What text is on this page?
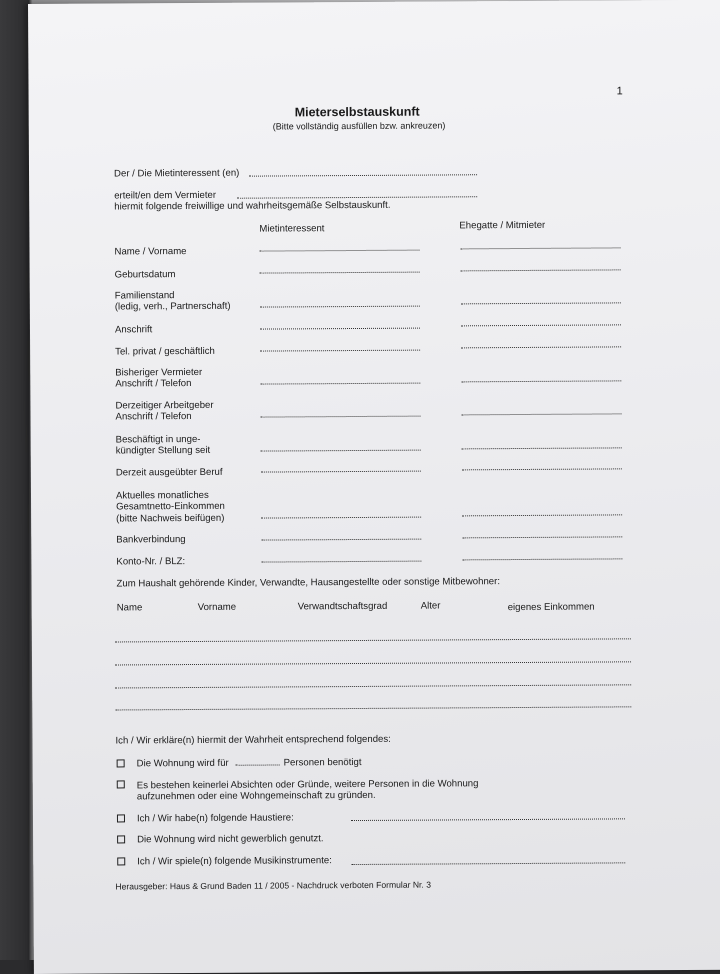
1
Mieterselbstauskunft
(Bitte vollständig ausfüllen bzw. ankreuzen)
Der / Die Mietinteressent (en)
erteilt/en dem Vermieter
hiermit folgende freiwillige und wahrheitsgemäße Selbstauskunft.
Mietinteressent	Ehegatte / Mitmieter
Name / Vorname
Geburtsdatum
Familienstand
(ledig, verh., Partnerschaft)
Anschrift
Tel. privat / geschäftlich
Bisheriger Vermieter
Anschrift / Telefon
Derzeitiger Arbeitgeber
Anschrift / Telefon
Beschäftigt in unge-
kündigter Stellung seit
Derzeit ausgeübter Beruf
Aktuelles monatliches
Gesamtnetto-Einkommen
(bitte Nachweis beifügen)
Bankverbindung
Konto-Nr. / BLZ:
Zum Haushalt gehörende Kinder, Verwandte, Hausangestellte oder sonstige Mitbewohner:
Name	Vorname	Verwandtschaftsgrad	Alter	eigenes Einkommen
Ich / Wir erkläre(n) hiermit der Wahrheit entsprechend folgendes:
Die Wohnung wird für	Personen benötigt
Es bestehen keinerlei Absichten oder Gründe, weitere Personen in die Wohnung
aufzunehmen oder eine Wohngemeinschaft zu gründen.
Ich / Wir habe(n) folgende Haustiere:
Die Wohnung wird nicht gewerblich genutzt.
Ich / Wir spiele(n) folgende Musikinstrumente:
Herausgeber: Haus & Grund Baden 11 / 2005 - Nachdruck verboten Formular Nr. 3
